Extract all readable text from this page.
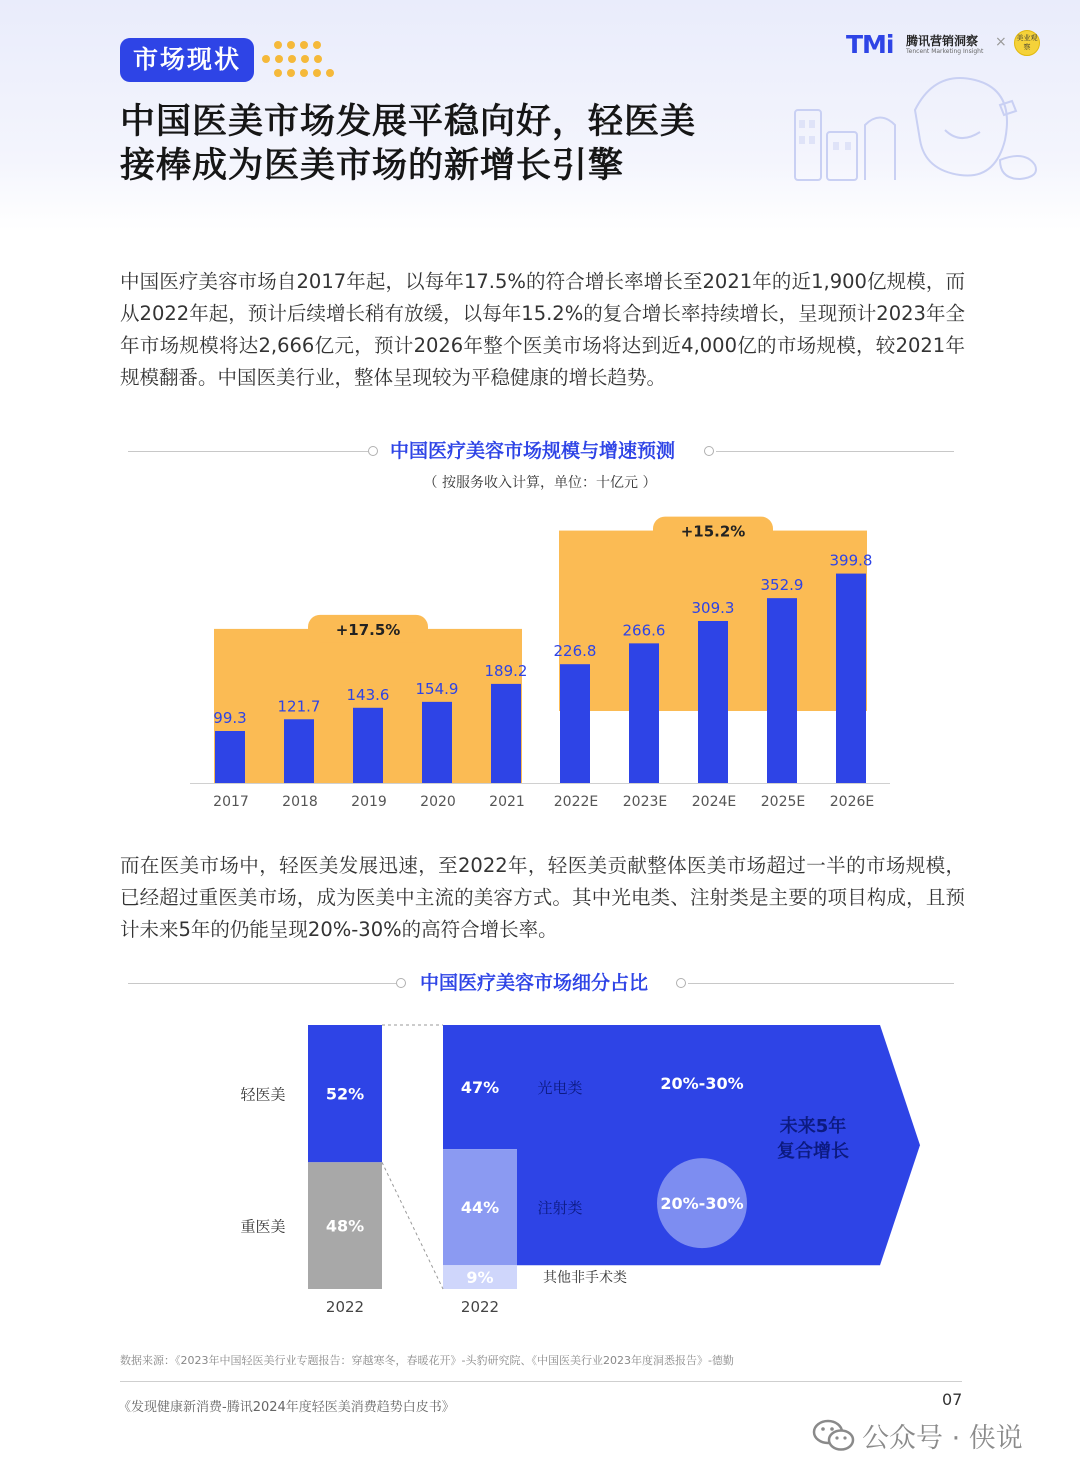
市场现状
TMi 腾讯营销洞察
Tencent Marketing Insight
×	美业观察
中国医美市场发展平稳向好，轻医美
接棒成为医美市场的新增长引擎

中国医疗美容市场自2017年起，以每年17.5%的符合增长率增长至2021年的近1,900亿规模，而从2022年起，预计后续增长稍有放缓，以每年15.2%的复合增长率持续增长，呈现预计2023年全年市场规模将达2,666亿元，预计2026年整个医美市场将达到近4,000亿的市场规模，较2021年规模翻番。中国医美行业，整体呈现较为平稳健康的增长趋势。

中国医疗美容市场规模与增速预测
（ 按服务收入计算，单位：十亿元 ）
+17.5%
+15.2%
99.3
2017
121.7
2018
143.6
2019
154.9
2020
189.2
2021
226.8
2022E
266.6
2023E
309.3
2024E
352.9
2025E
399.8
2026E

而在医美市场中，轻医美发展迅速，至2022年，轻医美贡献整体医美市场超过一半的市场规模，已经超过重医美市场，成为医美中主流的美容方式。其中光电类、注射类是主要的项目构成，且预计未来5年的仍能呈现20%-30%的高符合增长率。

中国医疗美容市场细分占比
52%
轻医美
48%
重医美
2022
47%
44%
9%
2022
光电类	20%-30%
注射类	20%-30%
其他非手术类
未来5年
复合增长
数据来源：《2023年中国轻医美行业专题报告：穿越寒冬，春暖花开》-头豹研究院、《中国医美行业2023年度洞悉报告》-德勤
《发现健康新消费-腾讯2024年度轻医美消费趋势白皮书》	07
公众号 · 侠说
